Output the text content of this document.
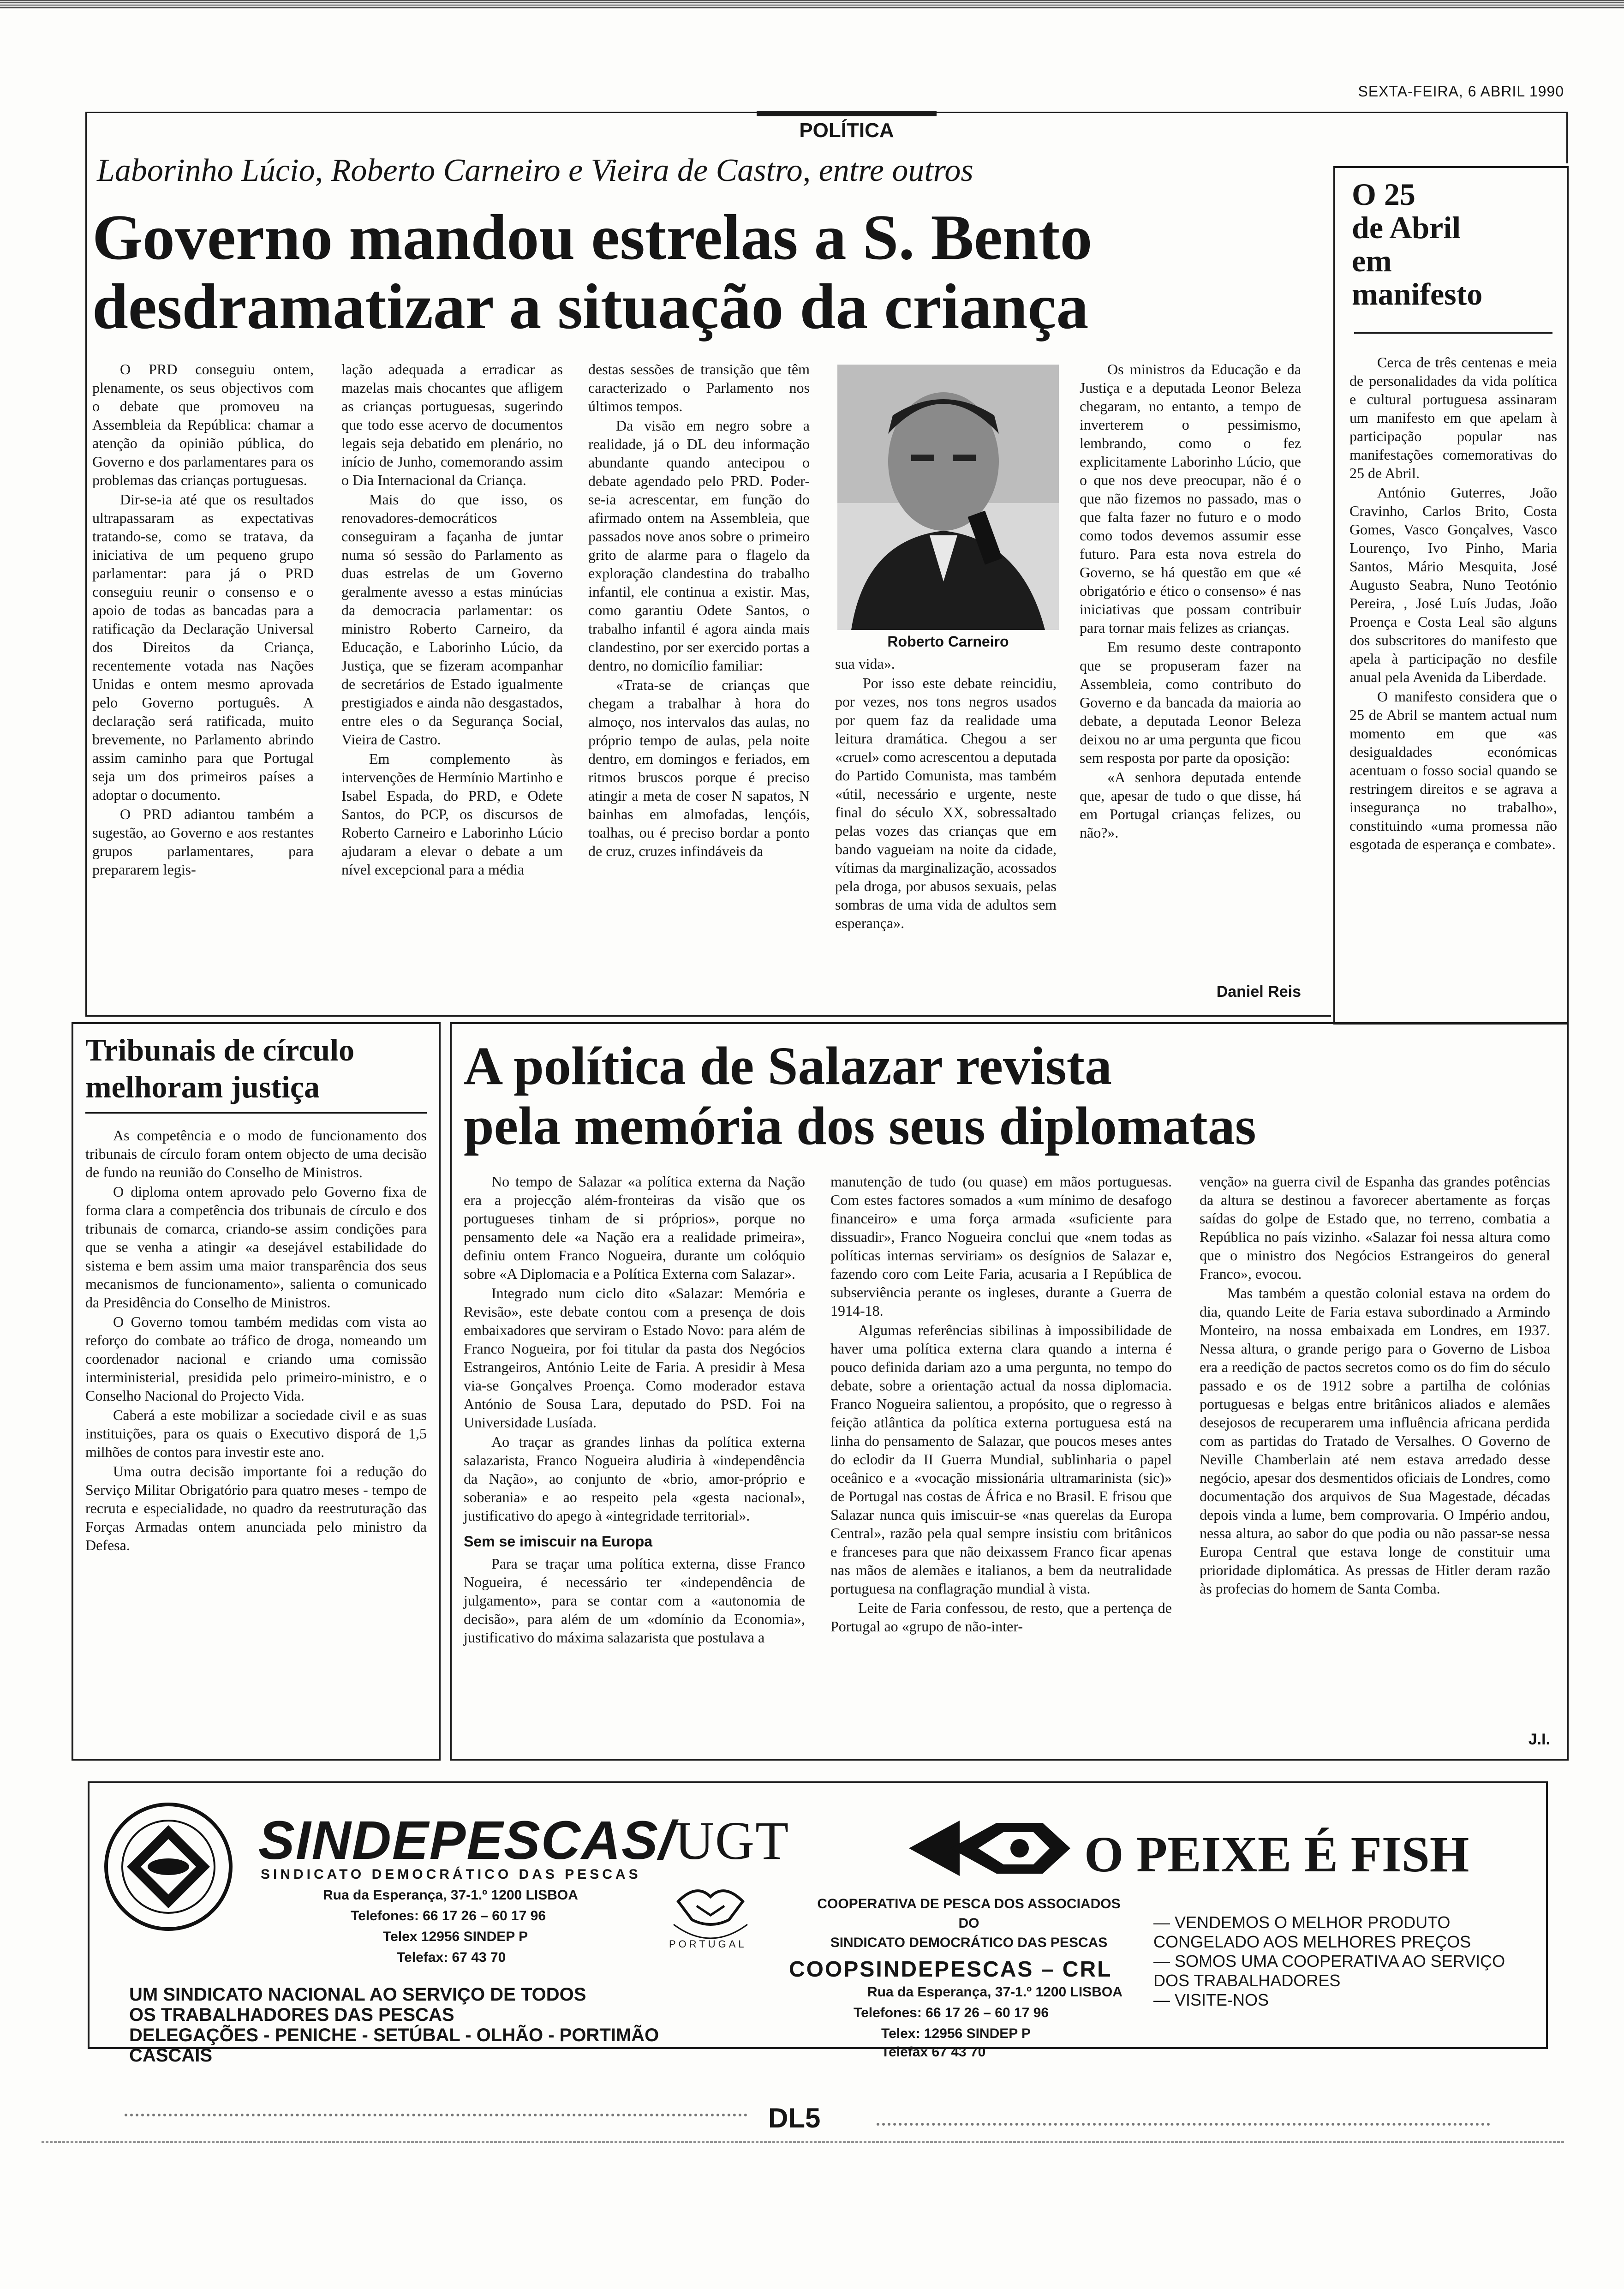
SEXTA-FEIRA, 6 ABRIL 1990
POLÍTICA
Laborinho Lúcio, Roberto Carneiro e Vieira de Castro, entre outros
Governo mandou estrelas a S. Bento
desdramatizar a situação da criança

O PRD conseguiu ontem, plenamente, os seus objectivos com o debate que promoveu na Assembleia da República: chamar a atenção da opinião pública, do Governo e dos parlamentares para os problemas das crianças portuguesas.

Dir-se-ia até que os resultados ultrapassaram as expectativas tratando-se, como se tratava, da iniciativa de um pequeno grupo parlamentar: para já o PRD conseguiu reunir o consenso e o apoio de todas as bancadas para a ratificação da Declaração Universal dos Direitos da Criança, recentemente votada nas Nações Unidas e ontem mesmo aprovada pelo Governo português. A declaração será ratificada, muito brevemente, no Parlamento abrindo assim caminho para que Portugal seja um dos primeiros países a adoptar o documento.

O PRD adiantou também a sugestão, ao Governo e aos restantes grupos parlamentares, para prepararem legis-

lação adequada a erradicar as mazelas mais chocantes que afligem as crianças portuguesas, sugerindo que todo esse acervo de documentos legais seja debatido em plenário, no início de Junho, comemorando assim o Dia Internacional da Criança.

Mais do que isso, os renovadores-democráticos conseguiram a façanha de juntar numa só sessão do Parlamento as duas estrelas de um Governo geralmente avesso a estas minúcias da democracia parlamentar: os ministro Roberto Carneiro, da Educação, e Laborinho Lúcio, da Justiça, que se fizeram acompanhar de secretários de Estado igualmente prestigiados e ainda não desgastados, entre eles o da Segurança Social, Vieira de Castro.

Em complemento às intervenções de Hermínio Martinho e Isabel Espada, do PRD, e Odete Santos, do PCP, os discursos de Roberto Carneiro e Laborinho Lúcio ajudaram a elevar o debate a um nível excepcional para a média

destas sessões de transição que têm caracterizado o Parlamento nos últimos tempos.

Da visão em negro sobre a realidade, já o DL deu informação abundante quando antecipou o debate agendado pelo PRD. Poder-se-ia acrescentar, em função do afirmado ontem na Assembleia, que passados nove anos sobre o primeiro grito de alarme para o flagelo da exploração clandestina do trabalho infantil, ele continua a existir. Mas, como garantiu Odete Santos, o trabalho infantil é agora ainda mais clandestino, por ser exercido portas a dentro, no domicílio familiar:

«Trata-se de crianças que chegam a trabalhar à hora do almoço, nos intervalos das aulas, no próprio tempo de aulas, pela noite dentro, em domingos e feriados, em ritmos bruscos porque é preciso atingir a meta de coser N sapatos, N bainhas em almofadas, lençóis, toalhas, ou é preciso bordar a ponto de cruz, cruzes infindáveis da

Roberto Carneiro

sua vida».

Por isso este debate reincidiu, por vezes, nos tons negros usados por quem faz da realidade uma leitura dramática. Chegou a ser «cruel» como acrescentou a deputada do Partido Comunista, mas também «útil, necessário e urgente, neste final do século XX, sobressaltado pelas vozes das crianças que em bando vagueiam na noite da cidade, vítimas da marginalização, acossados pela droga, por abusos sexuais, pelas sombras de uma vida de adultos sem esperança».

Os ministros da Educação e da Justiça e a deputada Leonor Beleza chegaram, no entanto, a tempo de inverterem o pessimismo, lembrando, como o fez explicitamente Laborinho Lúcio, que o que nos deve preocupar, não é o que não fizemos no passado, mas o que falta fazer no futuro e o modo como todos devemos assumir esse futuro. Para esta nova estrela do Governo, se há questão em que «é obrigatório e ético o consenso» é nas iniciativas que possam contribuir para tornar mais felizes as crianças.

Em resumo deste contraponto que se propuseram fazer na Assembleia, como contributo do Governo e da bancada da maioria ao debate, a deputada Leonor Beleza deixou no ar uma pergunta que ficou sem resposta por parte da oposição:

«A senhora deputada entende que, apesar de tudo o que disse, há em Portugal crianças felizes, ou não?».

Daniel Reis
O 25
de Abril
em
manifesto

Cerca de três centenas e meia de personalidades da vida política e cultural portuguesa assinaram um manifesto em que apelam à participação popular nas manifestações comemorativas do 25 de Abril.

António Guterres, João Cravinho, Carlos Brito, Costa Gomes, Vasco Gonçalves, Vasco Lourenço, Ivo Pinho, Maria Santos, Mário Mesquita, José Augusto Seabra, Nuno Teotónio Pereira, , José Luís Judas, João Proença e Costa Leal são alguns dos subscritores do manifesto que apela à participação no desfile anual pela Avenida da Liberdade.

O manifesto considera que o 25 de Abril se mantem actual num momento em que «as desigualdades económicas acentuam o fosso social quando se restringem direitos e se agrava a insegurança no trabalho», constituindo «uma promessa não esgotada de esperança e combate».

Tribunais de círculo
melhoram justiça

As competência e o modo de funcionamento dos tribunais de círculo foram ontem objecto de uma decisão de fundo na reunião do Conselho de Ministros.

O diploma ontem aprovado pelo Governo fixa de forma clara a competência dos tribunais de círculo e dos tribunais de comarca, criando-se assim condições para que se venha a atingir «a desejável estabilidade do sistema e bem assim uma maior transparência dos seus mecanismos de funcionamento», salienta o comunicado da Presidência do Conselho de Ministros.

O Governo tomou também medidas com vista ao reforço do combate ao tráfico de droga, nomeando um coordenador nacional e criando uma comissão interministerial, presidida pelo primeiro-ministro, e o Conselho Nacional do Projecto Vida.

Caberá a este mobilizar a sociedade civil e as suas instituições, para os quais o Executivo disporá de 1,5 milhões de contos para investir este ano.

Uma outra decisão importante foi a redução do Serviço Militar Obrigatório para quatro meses - tempo de recruta e especialidade, no quadro da reestruturação das Forças Armadas ontem anunciada pelo ministro da Defesa.

A política de Salazar revista
pela memória dos seus diplomatas

No tempo de Salazar «a política externa da Nação era a projecção além-fronteiras da visão que os portugueses tinham de si próprios», porque no pensamento dele «a Nação era a realidade primeira», definiu ontem Franco Nogueira, durante um colóquio sobre «A Diplomacia e a Política Externa com Salazar».

Integrado num ciclo dito «Salazar: Memória e Revisão», este debate contou com a presença de dois embaixadores que serviram o Estado Novo: para além de Franco Nogueira, por foi titular da pasta dos Negócios Estrangeiros, António Leite de Faria. A presidir à Mesa via-se Gonçalves Proença. Como moderador estava António de Sousa Lara, deputado do PSD. Foi na Universidade Lusíada.

Ao traçar as grandes linhas da política externa salazarista, Franco Nogueira aludiria à «independência da Nação», ao conjunto de «brio, amor-próprio e soberania» e ao respeito pela «gesta nacional», justificativo do apego à «integridade territorial».

Sem se imiscuir na Europa

Para se traçar uma política externa, disse Franco Nogueira, é necessário ter «independência de julgamento», para se contar com a «autonomia de decisão», para além de um «domínio da Economia», justificativo do máxima salazarista que postulava a

manutenção de tudo (ou quase) em mãos portuguesas. Com estes factores somados a «um mínimo de desafogo financeiro» e uma força armada «suficiente para dissuadir», Franco Nogueira conclui que «nem todas as políticas internas serviriam» os desígnios de Salazar e, fazendo coro com Leite Faria, acusaria a I República de subserviência perante os ingleses, durante a Guerra de 1914-18.

Algumas referências sibilinas à impossibilidade de haver uma política externa clara quando a interna é pouco definida dariam azo a uma pergunta, no tempo do debate, sobre a orientação actual da nossa diplomacia. Franco Nogueira salientou, a propósito, que o regresso à feição atlântica da política externa portuguesa está na linha do pensamento de Salazar, que poucos meses antes do eclodir da II Guerra Mundial, sublinharia o papel oceânico e a «vocação missionária ultramarinista (sic)» de Portugal nas costas de África e no Brasil. E frisou que Salazar nunca quis imiscuir-se «nas querelas da Europa Central», razão pela qual sempre insistiu com britânicos e franceses para que não deixassem Franco ficar apenas nas mãos de alemães e italianos, a bem da neutralidade portuguesa na conflagração mundial à vista.

Leite de Faria confessou, de resto, que a pertença de Portugal ao «grupo de não-inter-

venção» na guerra civil de Espanha das grandes potências da altura se destinou a favorecer abertamente as forças saídas do golpe de Estado que, no terreno, combatia a República no país vizinho. «Salazar foi nessa altura como que o ministro dos Negócios Estrangeiros do general Franco», evocou.

Mas também a questão colonial estava na ordem do dia, quando Leite de Faria estava subordinado a Armindo Monteiro, na nossa embaixada em Londres, em 1937. Nessa altura, o grande perigo para o Governo de Lisboa era a reedição de pactos secretos como os do fim do século passado e os de 1912 sobre a partilha de colónias portuguesas e belgas entre britânicos aliados e alemães desejosos de recuperarem uma influência africana perdida com as partidas do Tratado de Versalhes. O Governo de Neville Chamberlain até nem estava arredado desse negócio, apesar dos desmentidos oficiais de Londres, como documentação dos arquivos de Sua Magestade, décadas depois vinda a lume, bem comprovaria. O Império andou, nessa altura, ao sabor do que podia ou não passar-se nessa Europa Central que estava longe de constituir uma prioridade diplomática. As pressas de Hitler deram razão às profecias do homem de Santa Comba.

J.I.
SINDEPESCAS/UGT
SINDICATO DEMOCRÁTICO DAS PESCAS
Rua da Esperança, 37-1.º 1200 LISBOA
Telefones: 66 17 26 – 60 17 96
Telex 12956 SINDEP P
Telefax: 67 43 70
PORTUGAL
UM SINDICATO NACIONAL AO SERVIÇO DE TODOS
OS TRABALHADORES DAS PESCAS
DELEGAÇÕES - PENICHE - SETÚBAL - OLHÃO - PORTIMÃO
CASCAIS
O PEIXE É FISH
COOPERATIVA DE PESCA DOS ASSOCIADOS
DO
SINDICATO DEMOCRÁTICO DAS PESCAS
COOPSINDEPESCAS – CRL
Rua da Esperança, 37-1.º 1200 LISBOA
Telefones: 66 17 26 – 60 17 96
Telex: 12956 SINDEP P
Telefax 67 43 70
— VENDEMOS O MELHOR PRODUTO
CONGELADO AOS MELHORES PREÇOS
— SOMOS UMA COOPERATIVA AO SERVIÇO
DOS TRABALHADORES
— VISITE-NOS
DL5
